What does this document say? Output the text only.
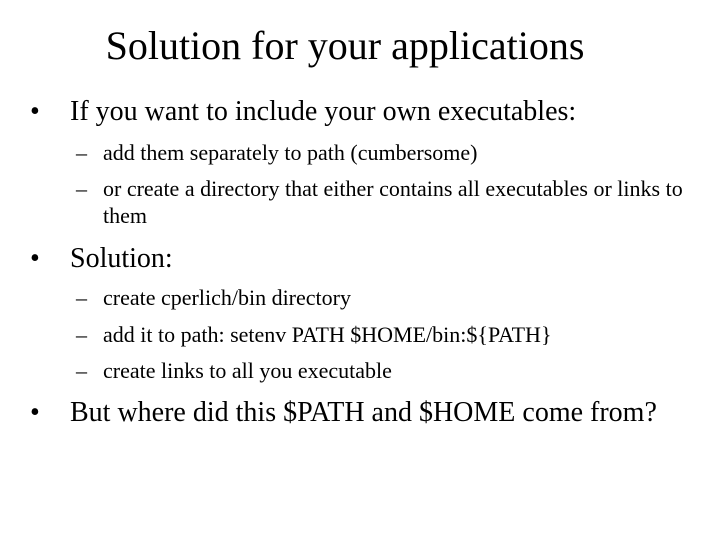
Solution for your applications
•	If you want to include your own executables:
– add them separately to path (cumbersome)
– or create a directory that either contains all executables or links to them
•	Solution:
– create cperlich/bin directory
– add it to path: setenv PATH $HOME/bin:${PATH}
– create links to all you executable
•	But where did this $PATH and $HOME come from?
